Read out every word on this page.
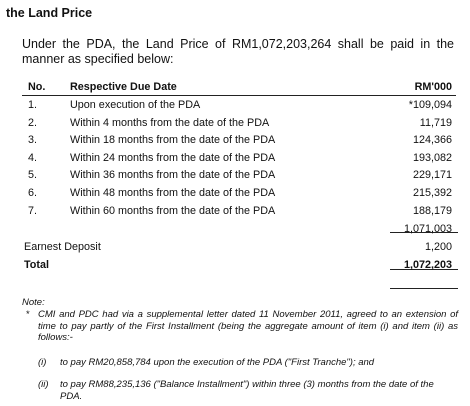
the Land Price
Under the PDA, the Land Price of RM1,072,203,264 shall be paid in the manner as specified below:
No. Respective Due Date	RM'000
1.	Upon execution of the PDA	*109,094
2.	Within 4 months from the date of the PDA	11,719
3.	Within 18 months from the date of the PDA	124,366
4.	Within 24 months from the date of the PDA	193,082
5.	Within 36 months from the date of the PDA	229,171
6.	Within 48 months from the date of the PDA	215,392
7.	Within 60 months from the date of the PDA	188,179
1,071,003
Earnest Deposit	1,200
Total	1,072,203
Note:
* CMI and PDC had via a supplemental letter dated 11 November 2011, agreed to an extension of time to pay partly of the First Installment (being the aggregate amount of item (i) and item (ii) as follows:-
(i) to pay RM20,858,784 upon the execution of the PDA ("First Tranche"); and
(ii) to pay RM88,235,136 ("Balance Installment") within three (3) months from the date of the PDA.
